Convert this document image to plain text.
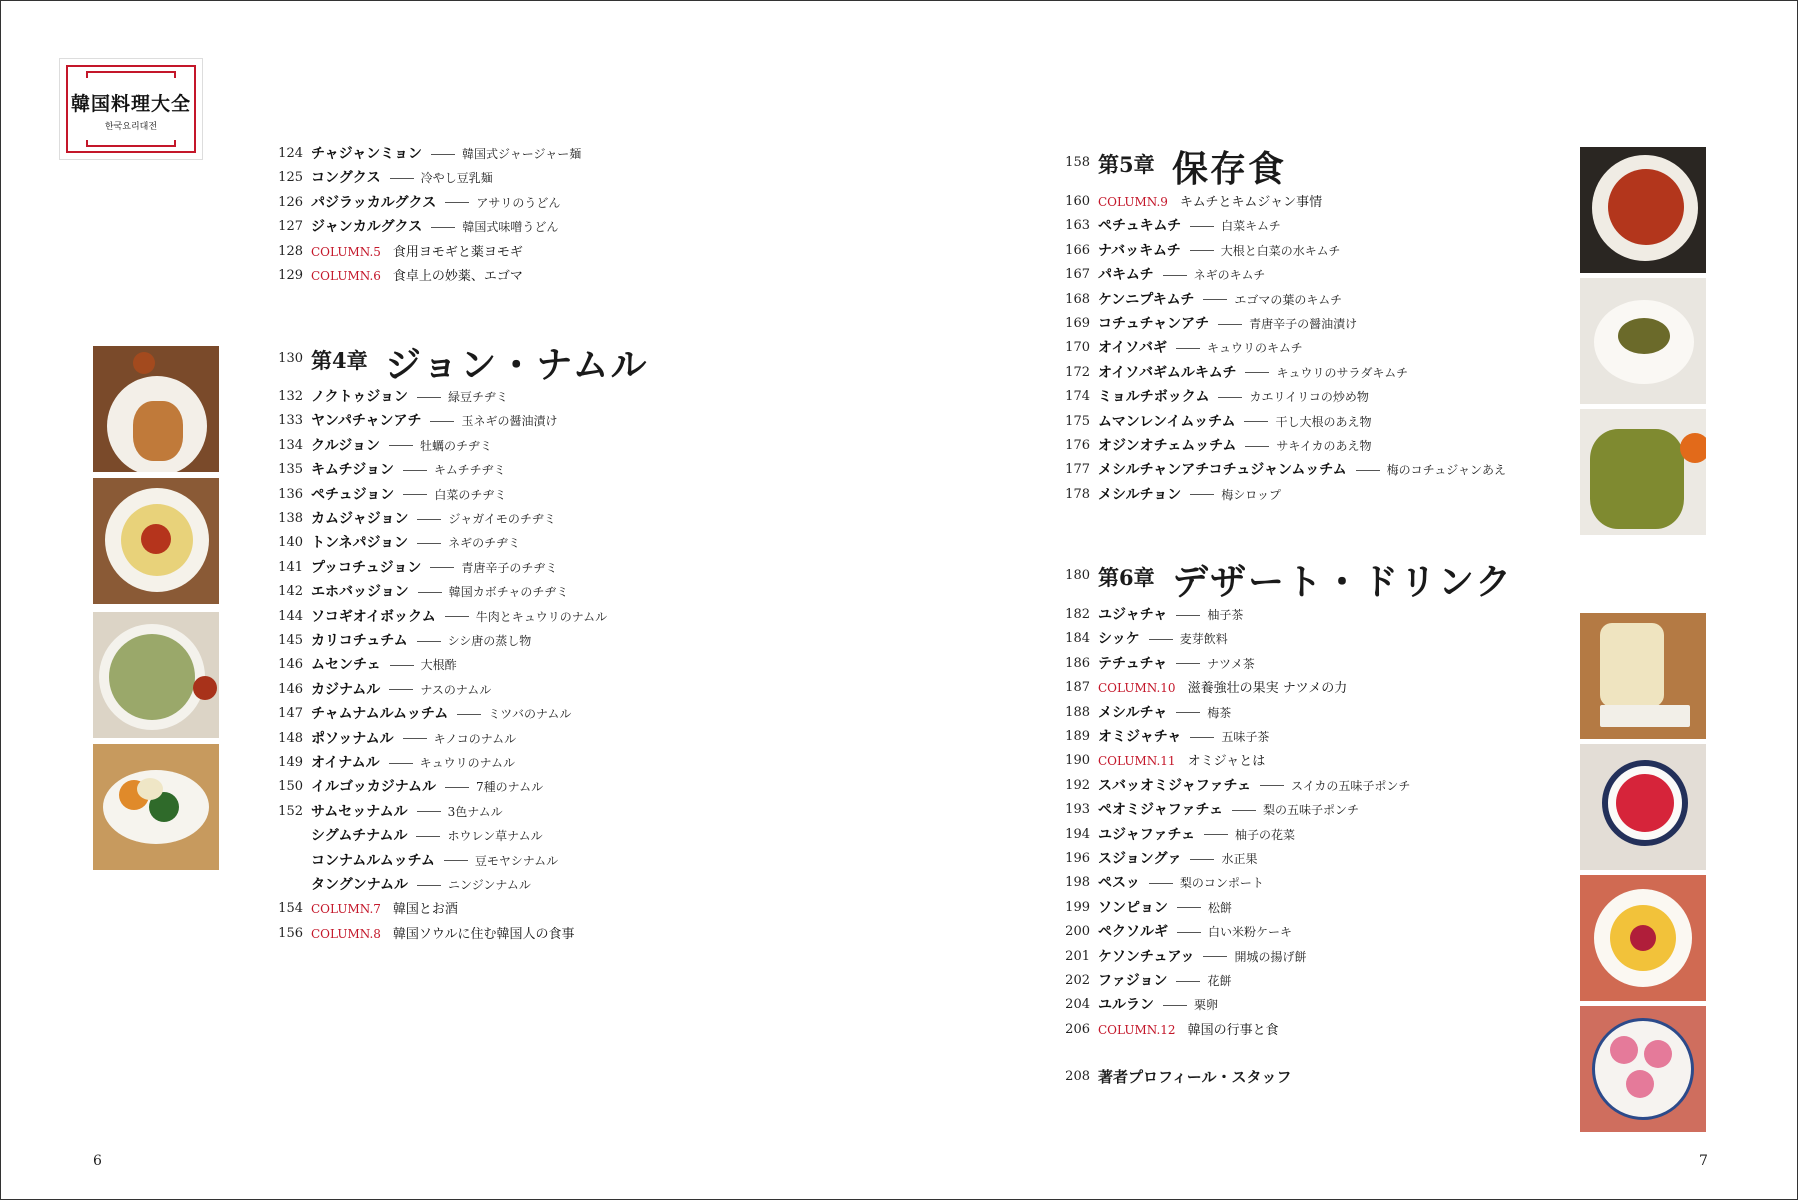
韓国料理大全
한국요리대전
124 チャジャンミョン	韓国式ジャージャー麺
125 コングクス	冷やし豆乳麺
126 パジラッカルグクス	アサリのうどん
127 ジャンカルグクス	韓国式味噌うどん
128 COLUMN.5 食用ヨモギと薬ヨモギ
129 COLUMN.6 食卓上の妙薬、エゴマ
130 第4章 ジョン・ナムル
132 ノクトゥジョン	緑豆チヂミ
133 ヤンパチャンアチ	玉ネギの醤油漬け
134 クルジョン	牡蠣のチヂミ
135 キムチジョン	キムチチヂミ
136 ペチュジョン	白菜のチヂミ
138 カムジャジョン	ジャガイモのチヂミ
140 トンネパジョン	ネギのチヂミ
141 プッコチュジョン	青唐辛子のチヂミ
142 エホバッジョン	韓国カボチャのチヂミ
144 ソコギオイボックム	牛肉とキュウリのナムル
145 カリコチュチム	シシ唐の蒸し物
146 ムセンチェ	大根酢
146 カジナムル	ナスのナムル
147 チャムナムルムッチム	ミツバのナムル
148 ポソッナムル	キノコのナムル
149 オイナムル	キュウリのナムル
150 イルゴッカジナムル	7種のナムル
152 サムセッナムル	3色ナムル
シグムチナムル	ホウレン草ナムル
コンナムルムッチム	豆モヤシナムル
タングンナムル	ニンジンナムル
154 COLUMN.7 韓国とお酒
156 COLUMN.8 韓国ソウルに住む韓国人の食事
158 第5章 保存食
160 COLUMN.9 キムチとキムジャン事情
163 ペチュキムチ	白菜キムチ
166 ナバッキムチ	大根と白菜の水キムチ
167 パキムチ	ネギのキムチ
168 ケンニプキムチ	エゴマの葉のキムチ
169 コチュチャンアチ	青唐辛子の醤油漬け
170 オイソバギ	キュウリのキムチ
172 オイソバギムルキムチ	キュウリのサラダキムチ
174 ミョルチボックム	カエリイリコの炒め物
175 ムマンレンイムッチム	干し大根のあえ物
176 オジンオチェムッチム	サキイカのあえ物
177 メシルチャンアチコチュジャンムッチム	梅のコチュジャンあえ
178 メシルチョン	梅シロップ
180 第6章 デザート・ドリンク
182 ユジャチャ	柚子茶
184 シッケ	麦芽飲料
186 テチュチャ	ナツメ茶
187 COLUMN.10 滋養強壮の果実 ナツメの力
188 メシルチャ	梅茶
189 オミジャチャ	五味子茶
190 COLUMN.11 オミジャとは
192 スバッオミジャファチェ	スイカの五味子ポンチ
193 ペオミジャファチェ	梨の五味子ポンチ
194 ユジャファチェ	柚子の花菜
196 スジョングァ	水正果
198 ペスッ	梨のコンポート
199 ソンピョン	松餅
200 ペクソルギ	白い米粉ケーキ
201 ケソンチュアッ	開城の揚げ餅
202 ファジョン	花餅
204 ユルラン	栗卵
206 COLUMN.12 韓国の行事と食
208 著者プロフィール・スタッフ
6	7
